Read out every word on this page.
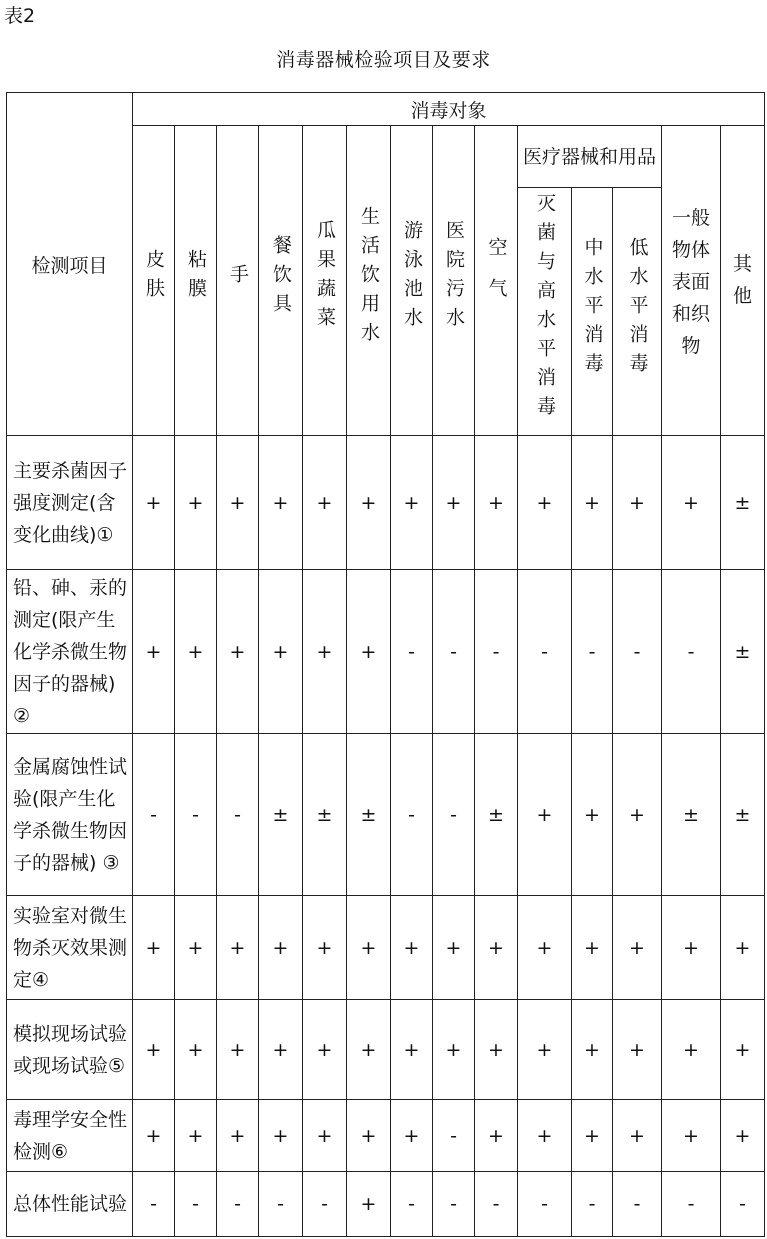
表2
消毒器械检验项目及要求
检测项目	消毒对象													
	皮肤	粘膜	手	餐饮具	瓜果蔬菜	生活饮用水	游泳池水	医院污水	空气	医疗器械和用品			一般物体表面和织物	其他

										灭菌与高水平消毒	中水平消毒	低水平消毒		
主要杀菌因子强度测定(含变化曲线)①	+	+	+	+	+	+	+	+	+	+	+	+	+	±
铅、砷、汞的测定(限产生化学杀微生物因子的器械) ②	+	+	+	+	+	+	-	-	-	-	-	-	-	±
金属腐蚀性试验(限产生化学杀微生物因子的器械) ③	-	-	-	±	±	±	-	-	±	+	+	+	±	±
实验室对微生物杀灭效果测定④	+	+	+	+	+	+	+	+	+	+	+	+	+	+
模拟现场试验或现场试验⑤	+	+	+	+	+	+	+	+	+	+	+	+	+	+
毒理学安全性检测⑥	+	+	+	+	+	+	+	-	+	+	+	+	+	+
总体性能试验	-	-	-	-	-	+	-	-	-	-	-	-	-	-
